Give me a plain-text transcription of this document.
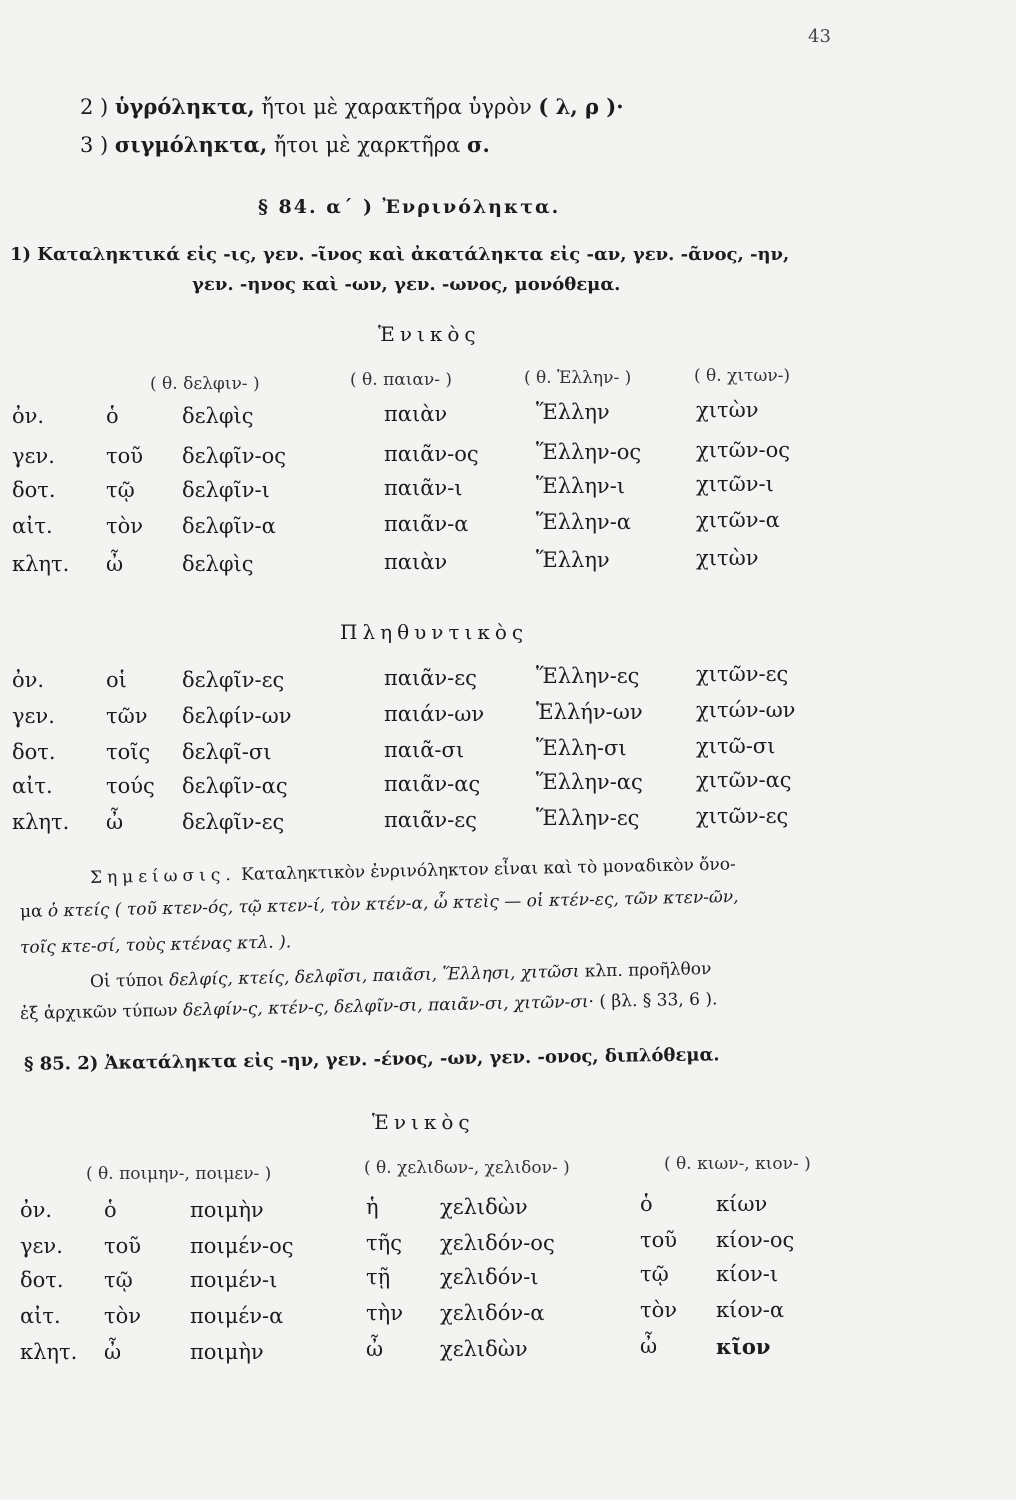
43
2 ) ὑγρόληκτα, ἤτοι μὲ χαρακτῆρα ὑγρὸν ( λ, ρ )·
3 ) σιγμόληκτα, ἤτοι μὲ χαρκτῆρα σ.
§ 84. α΄ ) Ἐνρινόληκτα.
1) Καταληκτικά εἰς -ις, γεν. -ῖνος καὶ ἀκατάληκτα εἰς -αν, γεν. -ᾶνος, -ην,
γεν. -ηνος καὶ -ων, γεν. -ωνος, μονόθεμα.
Ἑνικὸς
( θ. δελφιν- )	( θ. παιαν- )	( θ. Ἑλλην- )	( θ. χιτων-)
ὀν.	ὁ	δελφὶς	παιὰν	Ἕλλην	χιτὼν
γεν. τοῦ δελφῖν-ος	παιᾶν-ος	Ἕλλην-ος	χιτῶν-ος
δοτ. τῷ δελφῖν-ι	παιᾶν-ι	Ἕλλην-ι	χιτῶν-ι
αἰτ.	τὸν δελφῖν-α	παιᾶν-α	Ἕλλην-α	χιτῶν-α
κλητ. ὦ	δελφὶς	παιὰν	Ἕλλην	χιτὼν
Πληθυντικὸς
ὀν.	οἱ	δελφῖν-ες	παιᾶν-ες	Ἕλλην-ες	χιτῶν-ες
γεν. τῶν δελφίν-ων	παιάν-ων Ἑλλήν-ων	χιτών-ων
δοτ. τοῖς δελφῖ-σι	παιᾶ-σι	Ἕλλη-σι	χιτῶ-σι
αἰτ.	τούς δελφῖν-ας	παιᾶν-ας	Ἕλλην-ας	χιτῶν-ας
κλητ. ὦ	δελφῖν-ες	παιᾶν-ες	Ἕλλην-ες	χιτῶν-ες
Σημείωσις. Καταληκτικὸν ἐνρινόληκτον εἶναι καὶ τὸ μοναδικὸν ὄνο-
μα ὁ κτείς ( τοῦ κτεν-ός, τῷ κτεν-ί, τὸν κτέν-α, ὦ κτεὶς — οἱ κτέν-ες, τῶν κτεν-ῶν,
τοῖς κτε-σί, τοὺς κτένας κτλ. ).
Οἱ τύποι δελφίς, κτείς, δελφῖσι, παιᾶσι, Ἕλλησι, χιτῶσι κλπ. προῆλθον
ἐξ ἀρχικῶν τύπων δελφίν-ς, κτέν-ς, δελφῖν-σι, παιᾶν-σι, χιτῶν-σι· ( βλ. § 33, 6 ).
§ 85. 2) Ἀκατάληκτα εἰς -ην, γεν. -ένος, -ων, γεν. -ονος, διπλόθεμα.
Ἑνικὸς
( θ. ποιμην-, ποιμεν- )	( θ. χελιδων-, χελιδον- )	( θ. κιων-, κιον- )
ὀν. ὁ	ποιμὴν	ἡ	χελιδὼν	ὁ	κίων
γεν. τοῦ ποιμέν-ος	τῆς χελιδόν-ος	τοῦ κίον-ος
δοτ. τῷ	ποιμέν-ι	τῇ χελιδόν-ι	τῷ κίον-ι
αἰτ. τὸν ποιμέν-α	τὴν χελιδόν-α	τὸν κίον-α
κλητ. ὦ	ποιμὴν	ὦ	χελιδὼν	ὦ	κῖον
